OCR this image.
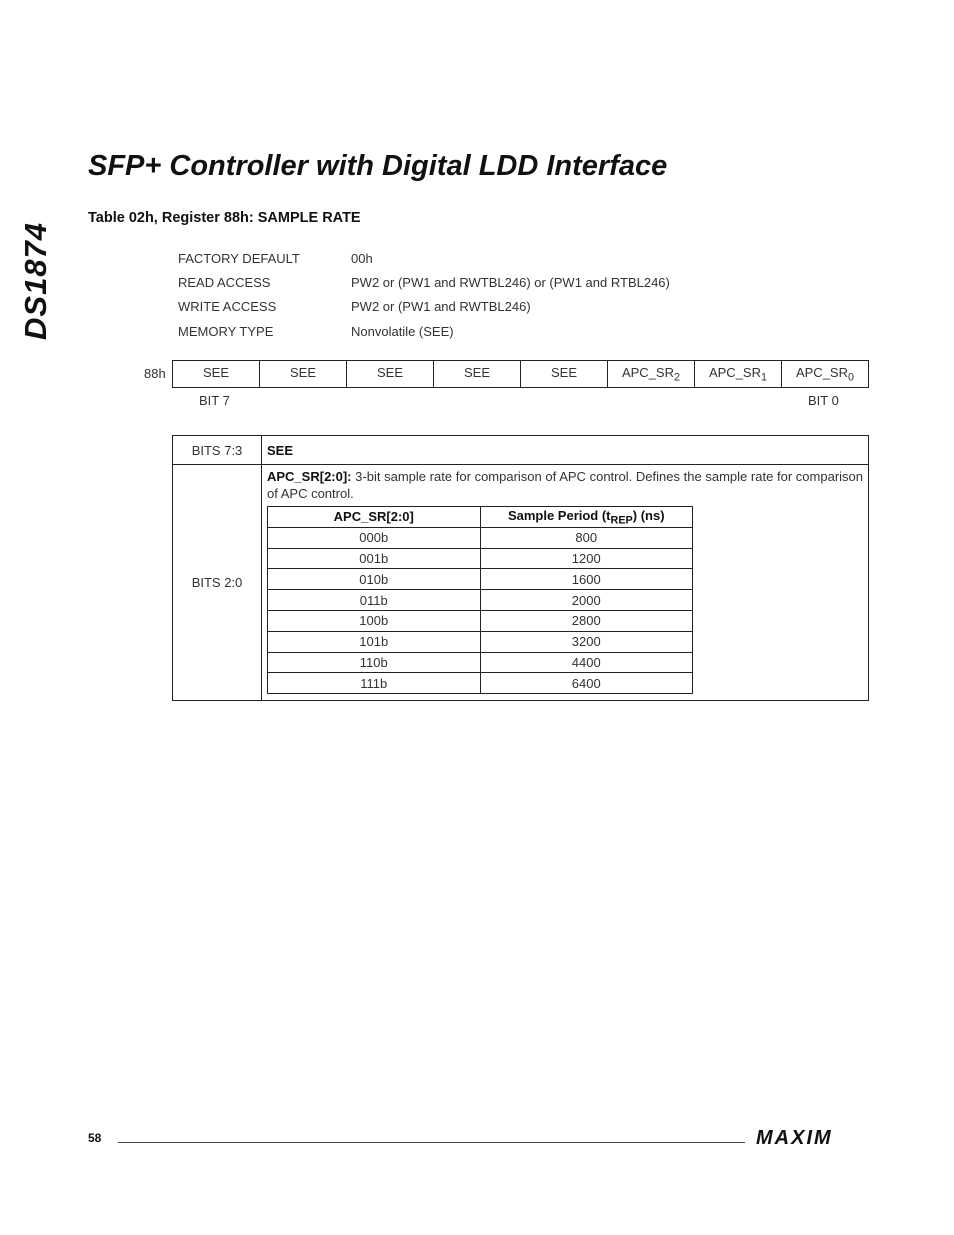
DS1874
SFP+ Controller with Digital LDD Interface
Table 02h, Register 88h: SAMPLE RATE
FACTORY DEFAULT	00h
READ ACCESS	PW2 or (PW1 and RWTBL246) or (PW1 and RTBL246)
WRITE ACCESS	PW2 or (PW1 and RWTBL246)
MEMORY TYPE	Nonvolatile (SEE)
88h	SEE	SEE	SEE	SEE	SEE	$APC\_SR_2$	$APC\_SR_1$	$APC\_SR_0$
BIT 7	BIT 0
BITS 7:3	SEE
BITS 2:0	
APC_SR[2:0]: 3-bit sample rate for comparison of APC control. Defines the sample rate for comparison of APC control.
APC_SR[2:0]	Sample Period $(t_{REP})$ (ns)
000b	800
001b	1200
010b	1600
011b	2000
100b	2800
101b	3200
110b	4400
111b	6400
58	MAXIM
